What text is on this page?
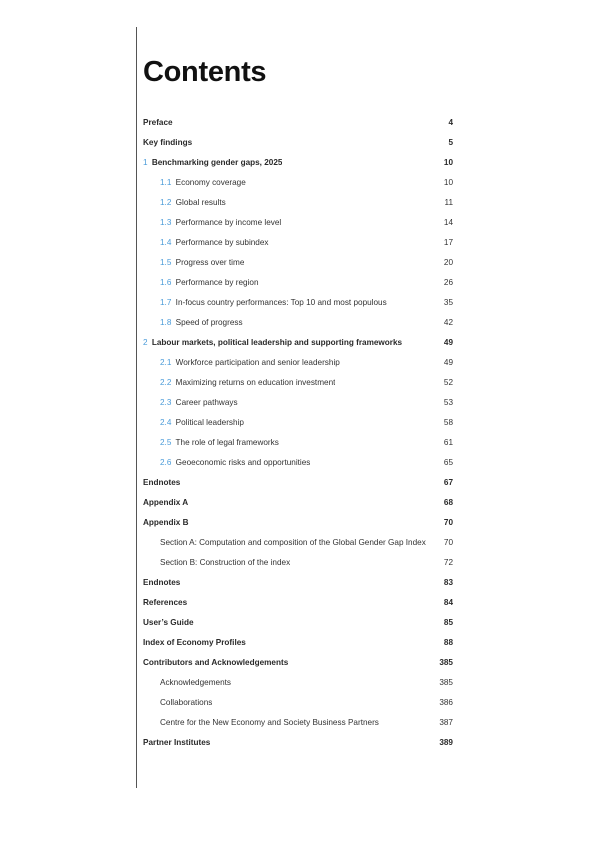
Contents
Preface	4
Key findings	5
1 Benchmarking gender gaps, 2025	10
1.1 Economy coverage	10
1.2 Global results	11
1.3 Performance by income level	14
1.4 Performance by subindex	17
1.5 Progress over time	20
1.6 Performance by region	26
1.7 In-focus country performances: Top 10 and most populous	35
1.8 Speed of progress	42
2 Labour markets, political leadership and supporting frameworks	49
2.1 Workforce participation and senior leadership	49
2.2 Maximizing returns on education investment	52
2.3 Career pathways	53
2.4 Political leadership	58
2.5 The role of legal frameworks	61
2.6 Geoeconomic risks and opportunities	65
Endnotes	67
Appendix A	68
Appendix B	70
Section A: Computation and composition of the Global Gender Gap Index	70
Section B: Construction of the index	72
Endnotes	83
References	84
User’s Guide	85
Index of Economy Profiles	88
Contributors and Acknowledgements	385
Acknowledgements	385
Collaborations	386
Centre for the New Economy and Society Business Partners	387
Partner Institutes	389
